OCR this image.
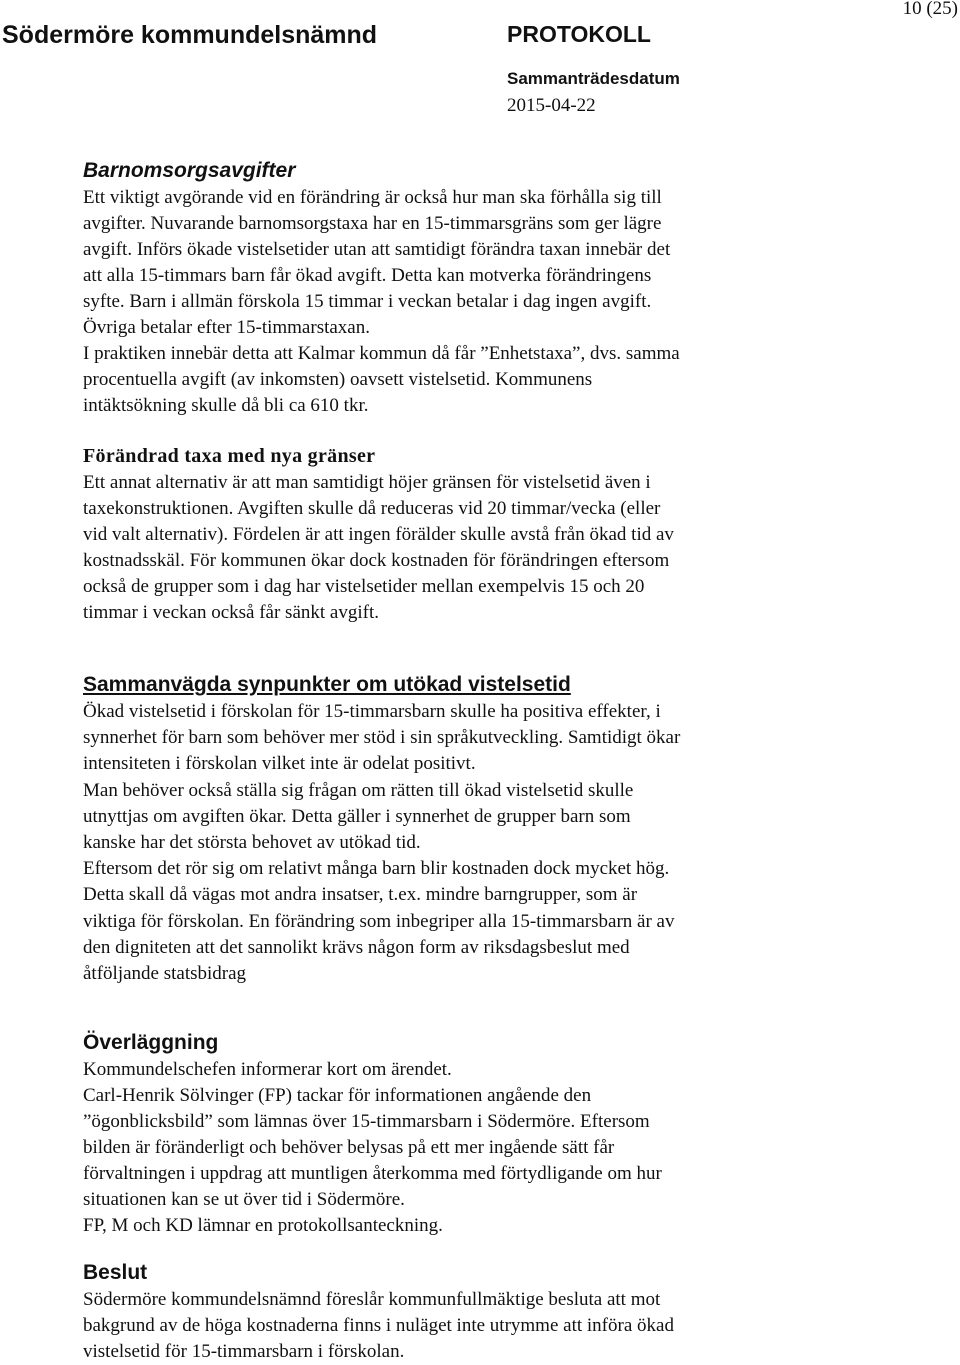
Södermöre kommundelsnämnd	PROTOKOLL
Sammanträdesdatum
2015-04-22
10 (25)
Barnomsorgsavgifter
Ett viktigt avgörande vid en förändring är också hur man ska förhålla sig till
avgifter. Nuvarande barnomsorgstaxa har en 15-timmarsgräns som ger lägre
avgift. Införs ökade vistelsetider utan att samtidigt förändra taxan innebär det
att alla 15-timmars barn får ökad avgift. Detta kan motverka förändringens
syfte. Barn i allmän förskola 15 timmar i veckan betalar i dag ingen avgift.
Övriga betalar efter 15-timmarstaxan.
I praktiken innebär detta att Kalmar kommun då får ”Enhetstaxa”, dvs. samma
procentuella avgift (av inkomsten) oavsett vistelsetid. Kommunens
intäktsökning skulle då bli ca 610 tkr.
Förändrad taxa med nya gränser
Ett annat alternativ är att man samtidigt höjer gränsen för vistelsetid även i
taxekonstruktionen. Avgiften skulle då reduceras vid 20 timmar/vecka (eller
vid valt alternativ). Fördelen är att ingen förälder skulle avstå från ökad tid av
kostnadsskäl. För kommunen ökar dock kostnaden för förändringen eftersom
också de grupper som i dag har vistelsetider mellan exempelvis 15 och 20
timmar i veckan också får sänkt avgift.
Sammanvägda synpunkter om utökad vistelsetid
Ökad vistelsetid i förskolan för 15-timmarsbarn skulle ha positiva effekter, i
synnerhet för barn som behöver mer stöd i sin språkutveckling. Samtidigt ökar
intensiteten i förskolan vilket inte är odelat positivt.
Man behöver också ställa sig frågan om rätten till ökad vistelsetid skulle
utnyttjas om avgiften ökar. Detta gäller i synnerhet de grupper barn som
kanske har det största behovet av utökad tid.
Eftersom det rör sig om relativt många barn blir kostnaden dock mycket hög.
Detta skall då vägas mot andra insatser, t.ex. mindre barngrupper, som är
viktiga för förskolan. En förändring som inbegriper alla 15-timmarsbarn är av
den digniteten att det sannolikt krävs någon form av riksdagsbeslut med
åtföljande statsbidrag
Överläggning
Kommundelschefen informerar kort om ärendet.
Carl-Henrik Sölvinger (FP) tackar för informationen angående den
”ögonblicksbild” som lämnas över 15-timmarsbarn i Södermöre. Eftersom
bilden är föränderligt och behöver belysas på ett mer ingående sätt får
förvaltningen i uppdrag att muntligen återkomma med förtydligande om hur
situationen kan se ut över tid i Södermöre.
FP, M och KD lämnar en protokollsanteckning.
Beslut
Södermöre kommundelsnämnd föreslår kommunfullmäktige besluta att mot
bakgrund av de höga kostnaderna finns i nuläget inte utrymme att införa ökad
vistelsetid för 15-timmarsbarn i förskolan.
